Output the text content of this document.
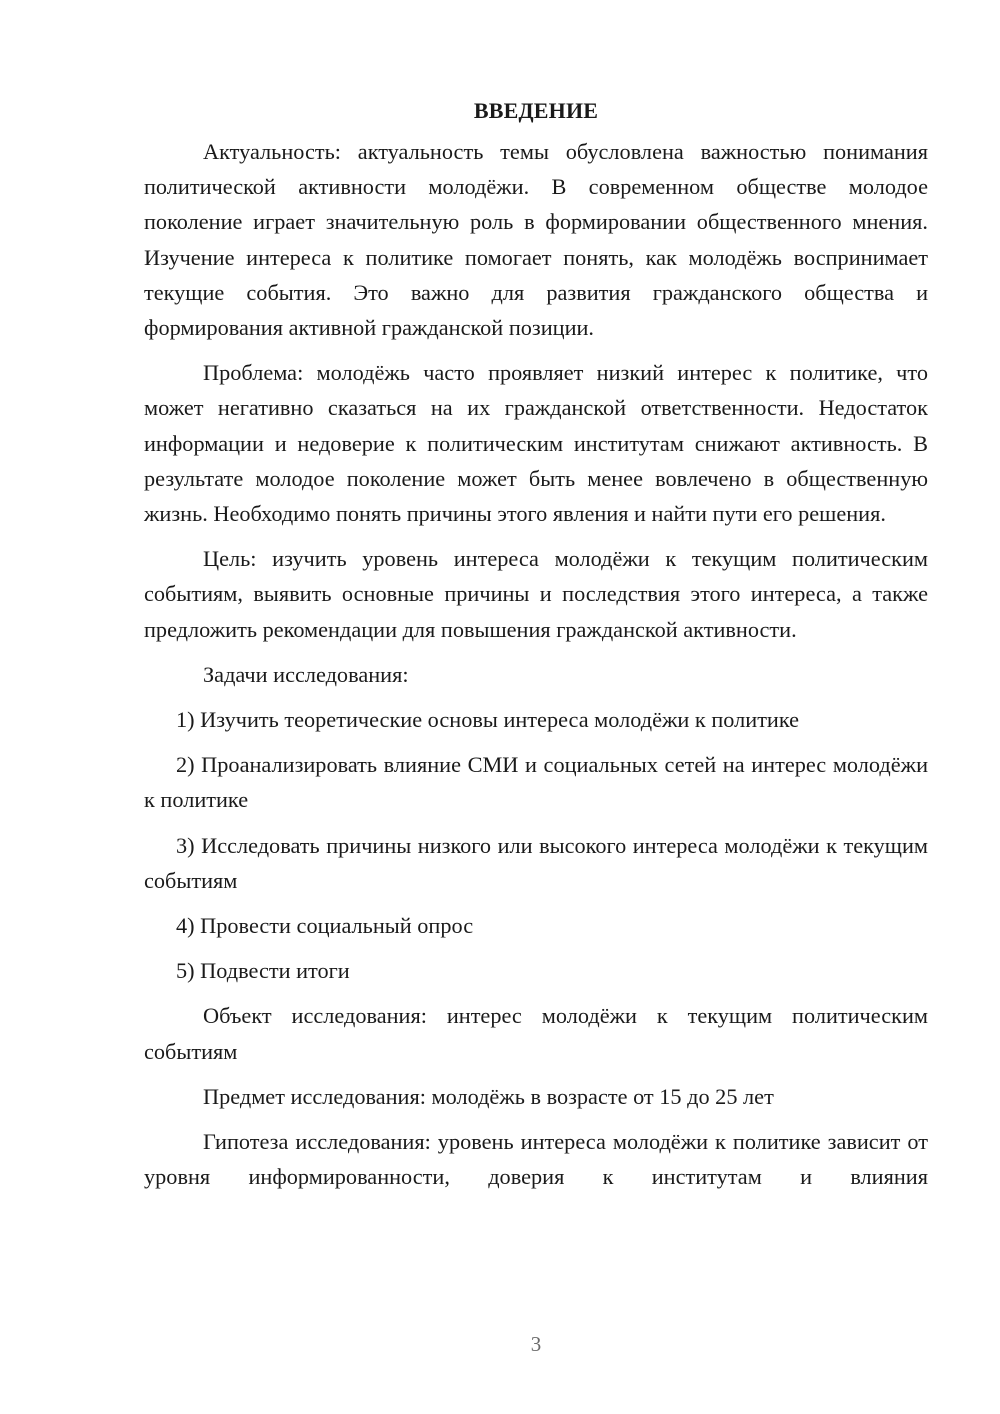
ВВЕДЕНИЕ

Актуальность: актуальность темы обусловлена важностью понимания политической активности молодёжи. В современном обществе молодое поколение играет значительную роль в формировании общественного мнения. Изучение интереса к политике помогает понять, как молодёжь воспринимает текущие события. Это важно для развития гражданского общества и формирования активной гражданской позиции.

Проблема: молодёжь часто проявляет низкий интерес к политике, что может негативно сказаться на их гражданской ответственности. Недостаток информации и недоверие к политическим институтам снижают активность. В результате молодое поколение может быть менее вовлечено в общественную жизнь. Необходимо понять причины этого явления и найти пути его решения.

Цель: изучить уровень интереса молодёжи к текущим политическим событиям, выявить основные причины и последствия этого интереса, а также предложить рекомендации для повышения гражданской активности.

Задачи исследования:

1) Изучить теоретические основы интереса молодёжи к политике

2) Проанализировать влияние СМИ и социальных сетей на интерес молодёжи к политике

3) Исследовать причины низкого или высокого интереса молодёжи к текущим событиям

4) Провести социальный опрос

5) Подвести итоги

Объект исследования: интерес молодёжи к текущим политическим событиям

Предмет исследования: молодёжь в возрасте от 15 до 25 лет

Гипотеза исследования: уровень интереса молодёжи к политике зависит от уровня информированности, доверия к институтам и влияния

3
